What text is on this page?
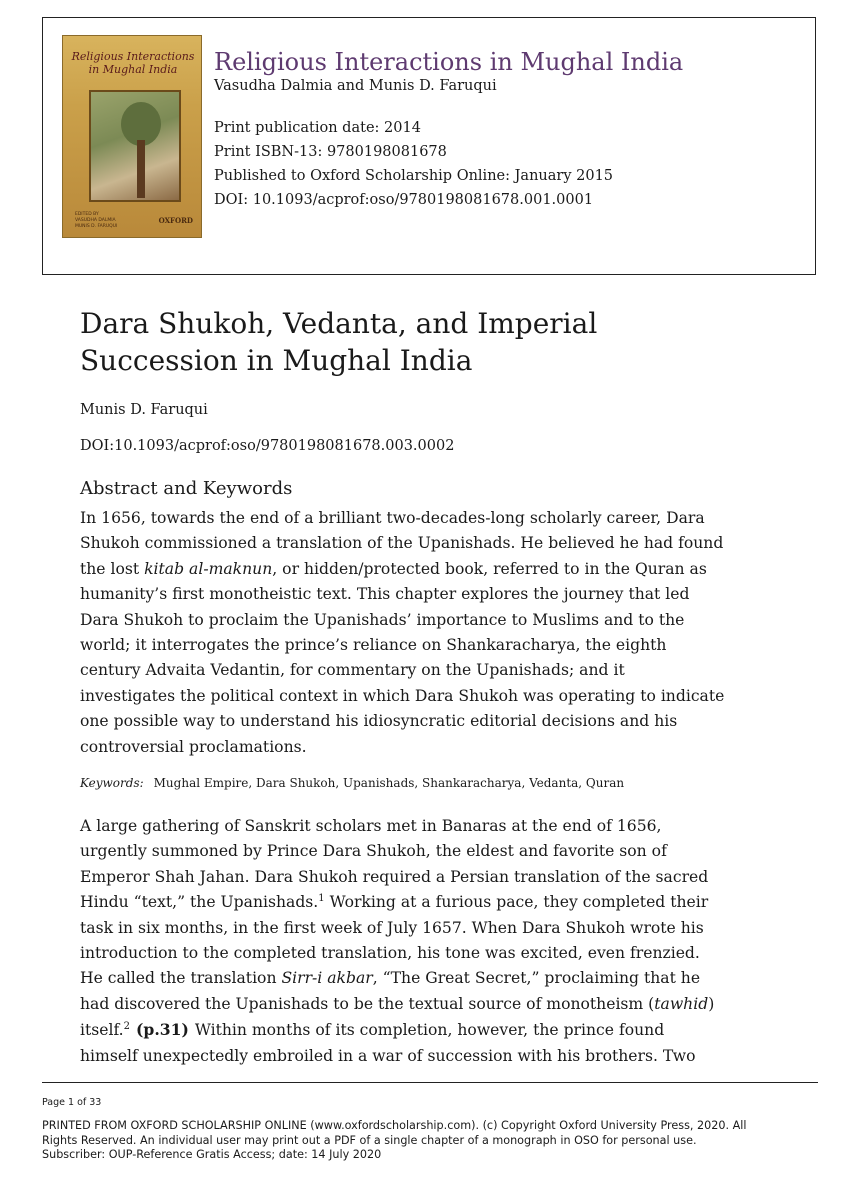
Religious Interactions
in Mughal India
EDITED BY
VASUDHA DALMIA
MUNIS D. FARUQUI
OXFORD
Religious Interactions in Mughal India
Vasudha Dalmia and Munis D. Faruqui
Print publication date: 2014
Print ISBN-13: 9780198081678
Published to Oxford Scholarship Online: January 2015
DOI: 10.1093/acprof:oso/9780198081678.001.0001
Dara Shukoh, Vedanta, and Imperial
Succession in Mughal India
Munis D. Faruqui
DOI:10.1093/acprof:oso/9780198081678.003.0002
Abstract and Keywords
In 1656, towards the end of a brilliant two-decades-long scholarly career, Dara
Shukoh commissioned a translation of the Upanishads. He believed he had found
the lost kitab al-maknun, or hidden/protected book, referred to in the Quran as
humanity’s first monotheistic text. This chapter explores the journey that led
Dara Shukoh to proclaim the Upanishads’ importance to Muslims and to the
world; it interrogates the prince’s reliance on Shankaracharya, the eighth
century Advaita Vedantin, for commentary on the Upanishads; and it
investigates the political context in which Dara Shukoh was operating to indicate
one possible way to understand his idiosyncratic editorial decisions and his
controversial proclamations.
Keywords: Mughal Empire, Dara Shukoh, Upanishads, Shankaracharya, Vedanta, Quran
A large gathering of Sanskrit scholars met in Banaras at the end of 1656,
urgently summoned by Prince Dara Shukoh, the eldest and favorite son of
Emperor Shah Jahan. Dara Shukoh required a Persian translation of the sacred
Hindu “text,” the Upanishads.$^1$ Working at a furious pace, they completed their
task in six months, in the first week of July 1657. When Dara Shukoh wrote his
introduction to the completed translation, his tone was excited, even frenzied.
He called the translation Sirr-i akbar, “The Great Secret,” proclaiming that he
had discovered the Upanishads to be the textual source of monotheism (tawhid)
itself.$^2$ (p.31) Within months of its completion, however, the prince found
himself unexpectedly embroiled in a war of succession with his brothers. Two
Page 1 of 33
PRINTED FROM OXFORD SCHOLARSHIP ONLINE (www.oxfordscholarship.com). (c) Copyright Oxford University Press, 2020. All
Rights Reserved. An individual user may print out a PDF of a single chapter of a monograph in OSO for personal use.
Subscriber: OUP-Reference Gratis Access; date: 14 July 2020
